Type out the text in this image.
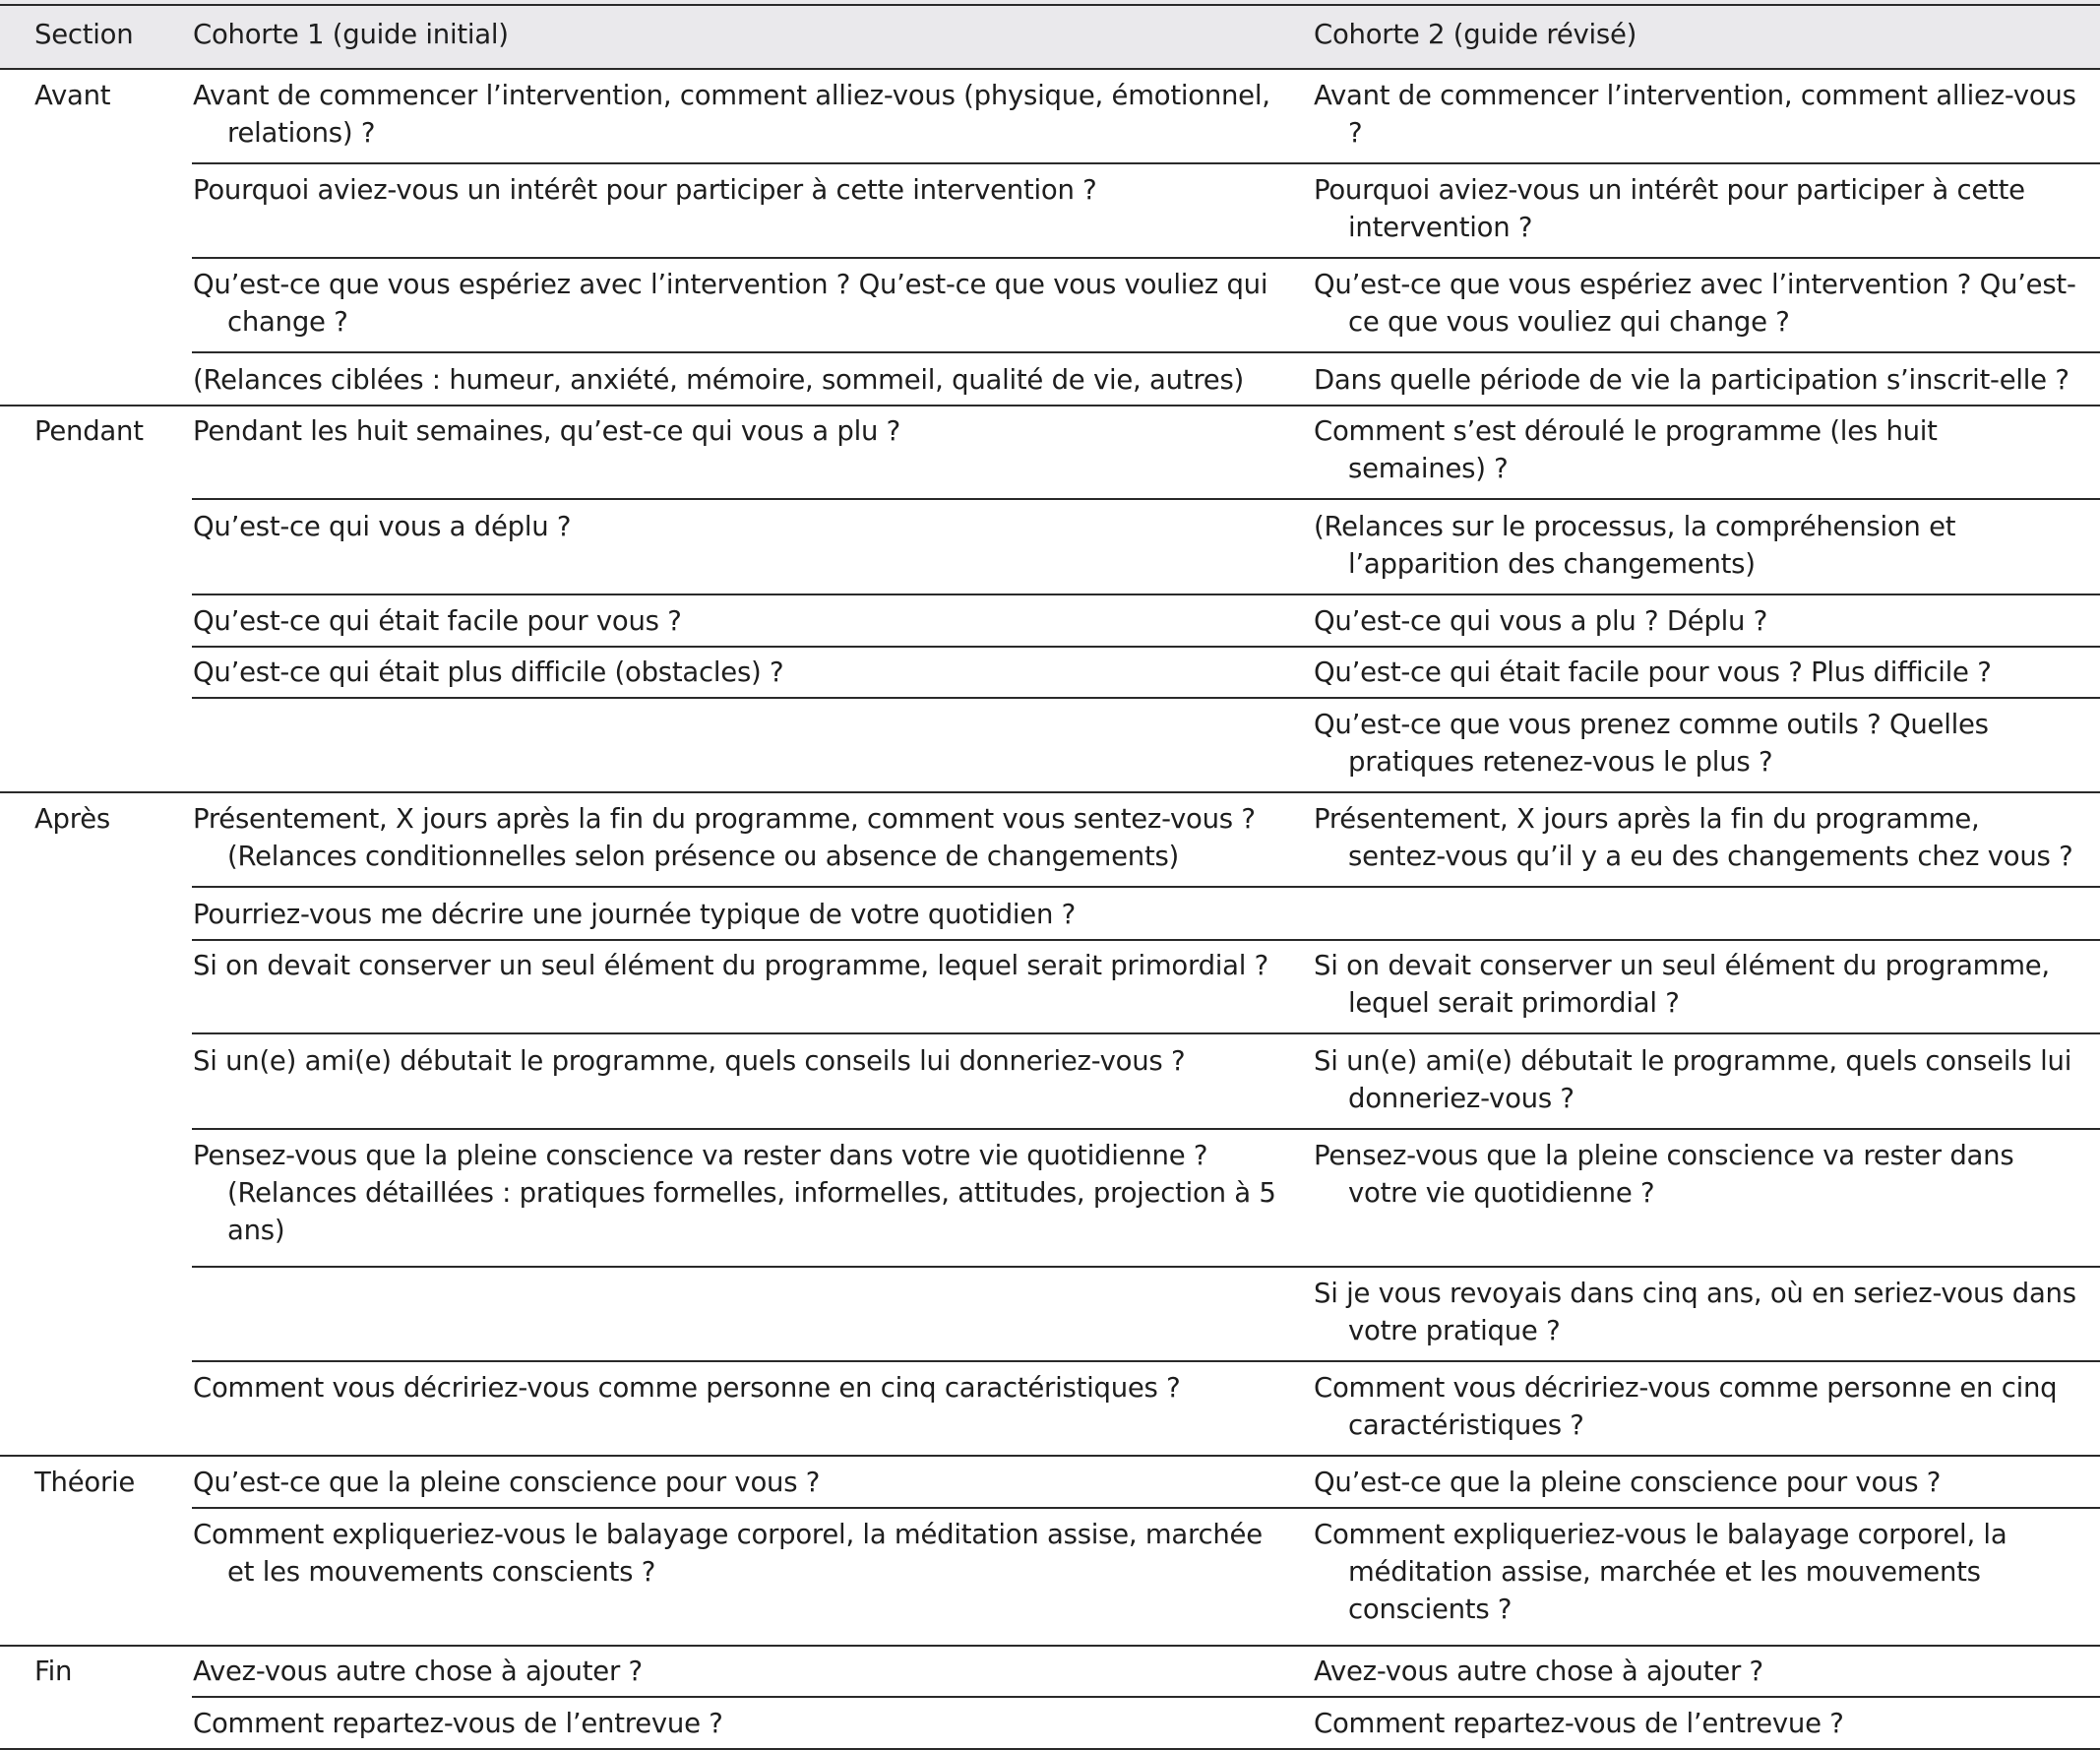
Section	Cohorte 1 (guide initial)	Cohorte 2 (guide révisé)
Avant	Avant de commencer l’intervention, comment alliez-vous (physique, émotionnel, relations) ?	Avant de commencer l’intervention, comment alliez-vous ?

	Pourquoi aviez-vous un intérêt pour participer à cette intervention ?	Pourquoi aviez-vous un intérêt pour participer à cette intervention ?

	Qu’est-ce que vous espériez avec l’intervention ? Qu’est-ce que vous vouliez qui change ?	Qu’est-ce que vous espériez avec l’intervention ? Qu’est-ce que vous vouliez qui change ?

	(Relances ciblées : humeur, anxiété, mémoire, sommeil, qualité de vie, autres)	Dans quelle période de vie la participation s’inscrit-elle ?

Pendant	Pendant les huit semaines, qu’est-ce qui vous a plu ?	Comment s’est déroulé le programme (les huit semaines) ?

	Qu’est-ce qui vous a déplu ?	(Relances sur le processus, la compréhension et l’apparition des changements)

	Qu’est-ce qui était facile pour vous ?	Qu’est-ce qui vous a plu ? Déplu ?

	Qu’est-ce qui était plus difficile (obstacles) ?	Qu’est-ce qui était facile pour vous ? Plus difficile ?

		Qu’est-ce que vous prenez comme outils ? Quelles pratiques retenez-vous le plus ?

Après	Présentement, X jours après la fin du programme, comment vous sentez-vous ? (Relances conditionnelles selon présence ou absence de changements)	Présentement, X jours après la fin du programme, sentez-vous qu’il y a eu des changements chez vous ?

	Pourriez-vous me décrire une journée typique de votre quotidien ?	

	Si on devait conserver un seul élément du programme, lequel serait primordial ?	Si on devait conserver un seul élément du programme, lequel serait primordial ?

	Si un(e) ami(e) débutait le programme, quels conseils lui donneriez-vous ?	Si un(e) ami(e) débutait le programme, quels conseils lui donneriez-vous ?

	Pensez-vous que la pleine conscience va rester dans votre vie quotidienne ? (Relances détaillées : pratiques formelles, informelles, attitudes, projection à 5 ans)	Pensez-vous que la pleine conscience va rester dans votre vie quotidienne ?

		Si je vous revoyais dans cinq ans, où en seriez-vous dans votre pratique ?

	Comment vous décririez-vous comme personne en cinq caractéristiques ?	Comment vous décririez-vous comme personne en cinq caractéristiques ?

Théorie	Qu’est-ce que la pleine conscience pour vous ?	Qu’est-ce que la pleine conscience pour vous ?

	Comment expliqueriez-vous le balayage corporel, la méditation assise, marchée et les mouvements conscients ?	Comment expliqueriez-vous le balayage corporel, la méditation assise, marchée et les mouvements conscients ?

Fin	Avez-vous autre chose à ajouter ?	Avez-vous autre chose à ajouter ?

	Comment repartez-vous de l’entrevue ?	Comment repartez-vous de l’entrevue ?
